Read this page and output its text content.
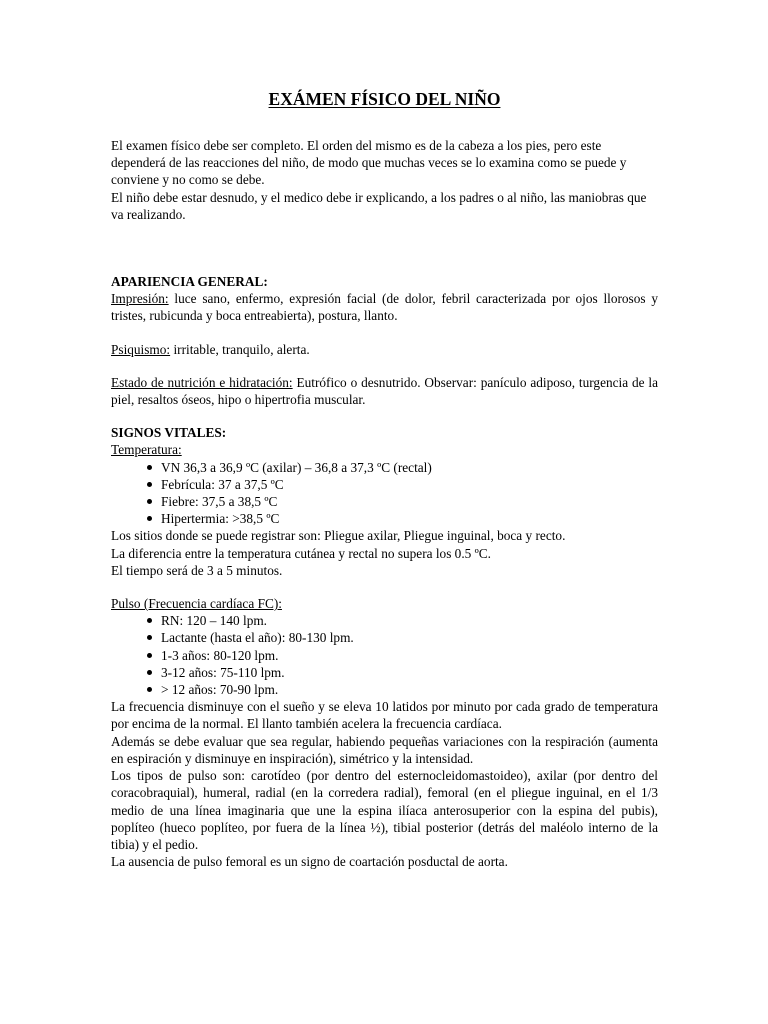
EXÁMEN FÍSICO DEL NIÑO

El examen físico debe ser completo. El orden del mismo es de la cabeza a los pies, pero este dependerá de las reacciones del niño, de modo que muchas veces se lo examina como se puede y conviene y no como se debe.

El niño debe estar desnudo, y el medico debe ir explicando, a los padres o al niño, las maniobras que va realizando.

APARIENCIA GENERAL:

Impresión: luce sano, enfermo, expresión facial (de dolor, febril caracterizada por ojos llorosos y tristes, rubicunda y boca entreabierta), postura, llanto.

Psiquismo: irritable, tranquilo, alerta.

Estado de nutrición e hidratación: Eutrófico o desnutrido. Observar: panículo adiposo, turgencia de la piel, resaltos óseos, hipo o hipertrofia muscular.

SIGNOS VITALES:

Temperatura:

VN 36,3 a 36,9 ºC (axilar) – 36,8 a 37,3 ºC (rectal)
Febrícula: 37 a 37,5 ºC
Fiebre: 37,5 a 38,5 ºC
Hipertermia: >38,5 ºC

Los sitios donde se puede registrar son: Pliegue axilar, Pliegue inguinal, boca y recto.

La diferencia entre la temperatura cutánea y rectal no supera los 0.5 ºC.

El tiempo será de 3 a 5 minutos.

Pulso (Frecuencia cardíaca FC):

RN: 120 – 140 lpm.
Lactante (hasta el año): 80-130 lpm.
1-3 años: 80-120 lpm.
3-12 años: 75-110 lpm.
> 12 años: 70-90 lpm.

La frecuencia disminuye con el sueño y se eleva 10 latidos por minuto por cada grado de temperatura por encima de la normal. El llanto también acelera la frecuencia cardíaca.

Además se debe evaluar que sea regular, habiendo pequeñas variaciones con la respiración (aumenta en espiración y disminuye en inspiración), simétrico y la intensidad.

Los tipos de pulso son: carotídeo (por dentro del esternocleidomastoideo), axilar (por dentro del coracobraquial), humeral, radial (en la corredera radial), femoral (en el pliegue inguinal, en el 1/3 medio de una línea imaginaria que une la espina ilíaca anterosuperior con la espina del pubis), poplíteo (hueco poplíteo, por fuera de la línea ½), tibial posterior (detrás del maléolo interno de la tibia) y el pedio.

La ausencia de pulso femoral es un signo de coartación posductal de aorta.
